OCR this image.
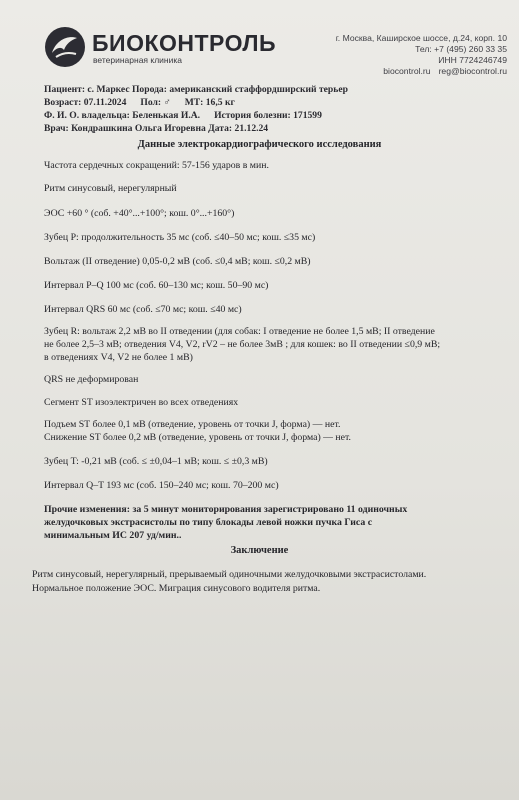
БИОКОНТРОЛЬ
ветеринарная клиника
г. Москва, Каширское шоссе, д.24, корп. 10
Тел: +7 (495) 260 33 35
ИНН 7724246749
biocontrol.ru reg@biocontrol.ru
Пациент: с. Маркес Порода: американский стаффордширский терьер
Возраст: 07.11.2024 Пол: ♂ МТ: 16,5 кг
Ф. И. О. владельца: Беленькая И.А. История болезни: 171599
Врач: Кондрашкина Ольга Игоревна Дата: 21.12.24
Данные электрокардиографического исследования
Частота сердечных сокращений: 57-156 ударов в мин.
Ритм синусовый, нерегулярный
ЭОС +60 ° (соб. +40°...+100°; кош. 0°...+160°)
Зубец P: продолжительность 35 мс (соб. ≤40–50 мс; кош. ≤35 мс)
Вольтаж (II отведение) 0,05-0,2 мВ (соб. ≤0,4 мВ; кош. ≤0,2 мВ)
Интервал P–Q 100 мс (соб. 60–130 мс; кош. 50–90 мс)
Интервал QRS 60 мс (соб. ≤70 мс; кош. ≤40 мс)
Зубец R: вольтаж 2,2 мВ во II отведении (для собак: I отведение не более 1,5 мВ; II отведение
не более 2,5–3 мВ; отведения V4, V2, rV2 – не более 3мВ ; для кошек: во II отведении ≤0,9 мВ;
в отведениях V4, V2 не более 1 мВ)
QRS не деформирован
Сегмент ST изоэлектричен во всех отведениях
Подъем ST более 0,1 мВ (отведение, уровень от точки J, форма) — нет.
Снижение ST более 0,2 мВ (отведение, уровень от точки J, форма) — нет.
Зубец T: -0,21 мВ (соб. ≤ ±0,04–1 мВ; кош. ≤ ±0,3 мВ)
Интервал Q–T 193 мс (соб. 150–240 мс; кош. 70–200 мс)
Прочие изменения: за 5 минут мониторирования зарегистрировано 11 одиночных
желудочковых экстрасистолы по типу блокады левой ножки пучка Гиса с
минимальным ИС 207 уд/мин..
Заключение
Ритм синусовый, нерегулярный, прерываемый одиночными желудочковыми экстрасистолами.
Нормальное положение ЭОС. Миграция синусового водителя ритма.
